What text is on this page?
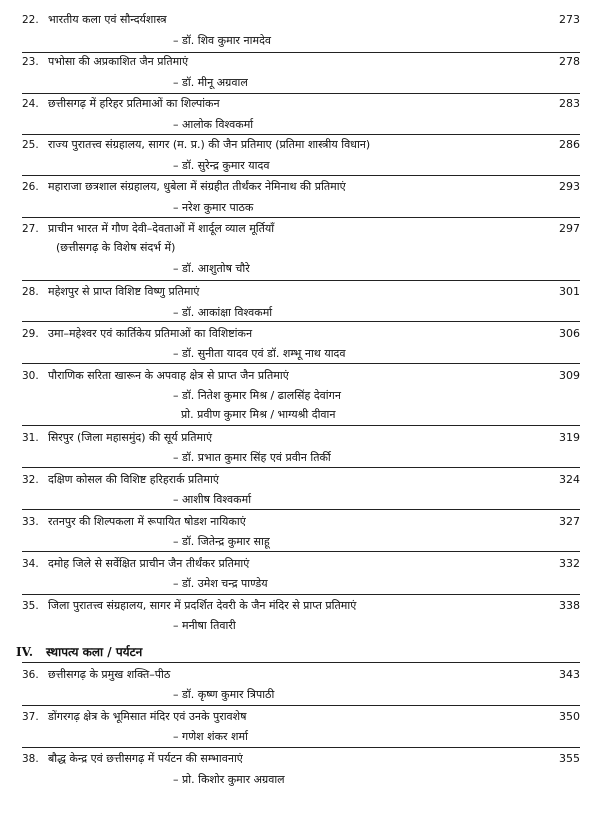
22. भारतीय कला एवं सौन्दर्यशास्त्र	273
– डॉ. शिव कुमार नामदेव
23. पभोसा की अप्रकाशित जैन प्रतिमाएं	278
– डॉ. मीनू अग्रवाल
24. छत्तीसगढ़ में हरिहर प्रतिमाओं का शिल्पांकन	283
– आलोक विश्वकर्मा
25. राज्य पुरातत्त्व संग्रहालय, सागर (म. प्र.) की जैन प्रतिमाए (प्रतिमा शास्त्रीय विधान)	286
– डॉ. सुरेन्द्र कुमार यादव
26. महाराजा छत्रशाल संग्रहालय, धुबेला में संग्रहीत तीर्थंकर नेमिनाथ की प्रतिमाएं	293
– नरेश कुमार पाठक
27. प्राचीन भारत में गौण देवी–देवताओं में शार्दूल व्याल मूर्तियाँ	297
(छत्तीसगढ़ के विशेष संदर्भ में)
– डॉ. आशुतोष चौरे
28. महेशपुर से प्राप्त विशिष्ट विष्णु प्रतिमाएं	301
– डॉ. आकांक्षा विश्वकर्मा
29. उमा–महेश्वर एवं कार्तिकेय प्रतिमाओं का विशिष्टांकन	306
– डॉ. सुनीता यादव एवं डॉ. शम्भू नाथ यादव
30. पौराणिक सरिता खारून के अपवाह क्षेत्र से प्राप्त जैन प्रतिमाएं	309
– डॉ. नितेश कुमार मिश्र / ढालसिंह देवांगन
प्रो. प्रवीण कुमार मिश्र / भाग्यश्री दीवान
31. सिरपुर (जिला महासमुंद) की सूर्य प्रतिमाएं	319
– डॉ. प्रभात कुमार सिंह एवं प्रवीन तिर्की
32. दक्षिण कोसल की विशिष्ट हरिहरार्क प्रतिमाएं	324
– आशीष विश्वकर्मा
33. रतनपुर की शिल्पकला में रूपायित षोडश नायिकाएं	327
– डॉ. जितेन्द्र कुमार साहू
34. दमोह जिले से सर्वेक्षित प्राचीन जैन तीर्थंकर प्रतिमाएं	332
– डॉ. उमेश चन्द्र पाण्डेय
35. जिला पुरातत्त्व संग्रहालय, सागर में प्रदर्शित देवरी के जैन मंदिर से प्राप्त प्रतिमाएं	338
– मनीषा तिवारी
IV. स्थापत्य कला / पर्यटन
36. छत्तीसगढ़ के प्रमुख शक्ति–पीठ	343
– डॉ. कृष्ण कुमार त्रिपाठी
37. डोंगरगढ़ क्षेत्र के भूमिसात मंदिर एवं उनके पुरावशेष	350
– गणेश शंकर शर्मा
38. बौद्ध केन्द्र एवं छत्तीसगढ़ में पर्यटन की सम्भावनाएं	355
– प्रो. किशोर कुमार अग्रवाल
